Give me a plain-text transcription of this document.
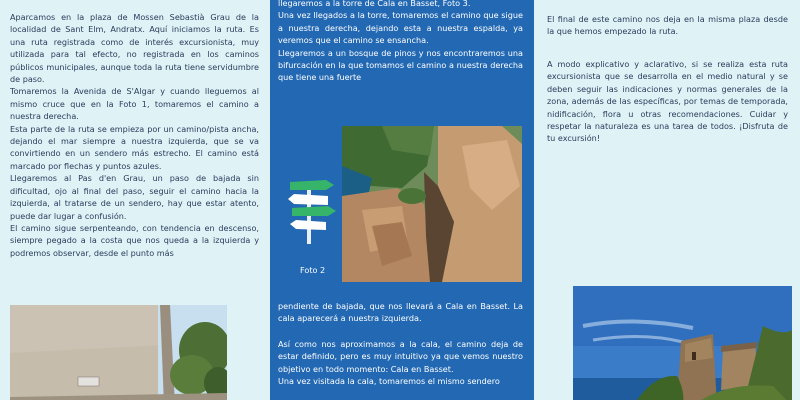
Aparcamos en la plaza de Mossen Sebastià Grau de la localidad de Sant Elm, Andratx. Aquí iniciamos la ruta. Es una ruta registrada como de interés excursionista, muy utilizada para tal efecto, no registrada en los caminos públicos municipales, aunque toda la ruta tiene servidumbre de paso.

Tomaremos la Avenida de S'Algar y cuando lleguemos al mismo cruce que en la Foto 1, tomaremos el camino a nuestra derecha.

Esta parte de la ruta se empieza por un camino/pista ancha, dejando el mar siempre a nuestra izquierda, que se va convirtiendo en un sendero más estrecho. El camino está marcado por flechas y puntos azules.

Llegaremos al Pas d'en Grau, un paso de bajada sin dificultad, ojo al final del paso, seguir el camino hacia la izquierda, al tratarse de un sendero, hay que estar atento, puede dar lugar a confusión.

El camino sigue serpenteando, con tendencia en descenso, siempre pegado a la costa que nos queda a la izquierda y podremos observar, desde el punto más

llegaremos a la torre de Cala en Basset, Foto 3.

Una vez llegados a la torre, tomaremos el camino que sigue a nuestra derecha, dejando esta a nuestra espalda, ya veremos que el camino se ensancha.

Llegaremos a un bosque de pinos y nos encontraremos una bifurcación en la que tomamos el camino a nuestra derecha que tiene una fuerte

Foto 2

pendiente de bajada, que nos llevará a Cala en Basset. La cala aparecerá a nuestra izquierda.

Así como nos aproximamos a la cala, el camino deja de estar definido, pero es muy intuitivo ya que vemos nuestro objetivo en todo momento: Cala en Basset.

Una vez visitada la cala, tomaremos el mismo sendero

El final de este camino nos deja en la misma plaza desde la que hemos empezado la ruta.

A modo explicativo y aclarativo, si se realiza esta ruta excursionista que se desarrolla en el medio natural y se deben seguir las indicaciones y normas generales de la zona, además de las específicas, por temas de temporada, nidificación, flora u otras recomendaciones. Cuidar y respetar la naturaleza es una tarea de todos. ¡Disfruta de tu excursión!
